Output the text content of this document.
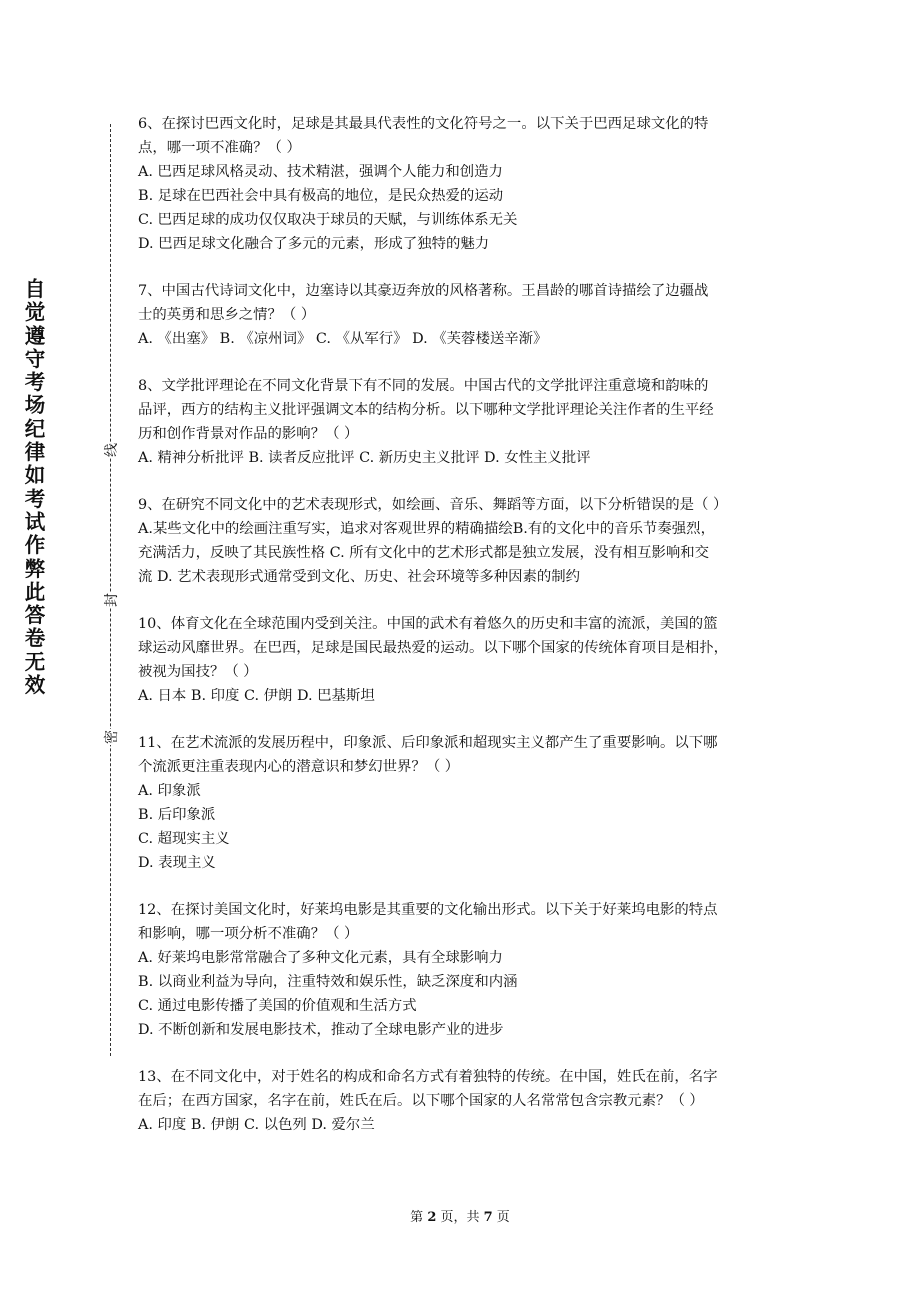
自觉遵守考场纪律如考试作弊此答卷无效
线
封
密

6、在探讨巴西文化时，足球是其最具代表性的文化符号之一。以下关于巴西足球文化的特

点，哪一项不准确？（ ）

A. 巴西足球风格灵动、技术精湛，强调个人能力和创造力

B. 足球在巴西社会中具有极高的地位，是民众热爱的运动

C. 巴西足球的成功仅仅取决于球员的天赋，与训练体系无关

D. 巴西足球文化融合了多元的元素，形成了独特的魅力

7、中国古代诗词文化中，边塞诗以其豪迈奔放的风格著称。王昌龄的哪首诗描绘了边疆战

士的英勇和思乡之情？（ ）

A. 《出塞》 B. 《凉州词》 C. 《从军行》 D. 《芙蓉楼送辛渐》

8、文学批评理论在不同文化背景下有不同的发展。中国古代的文学批评注重意境和韵味的

品评，西方的结构主义批评强调文本的结构分析。以下哪种文学批评理论关注作者的生平经

历和创作背景对作品的影响？（ ）

A. 精神分析批评 B. 读者反应批评 C. 新历史主义批评 D. 女性主义批评

9、在研究不同文化中的艺术表现形式，如绘画、音乐、舞蹈等方面，以下分析错误的是（ ）

A.某些文化中的绘画注重写实，追求对客观世界的精确描绘B.有的文化中的音乐节奏强烈，

充满活力，反映了其民族性格 C. 所有文化中的艺术形式都是独立发展，没有相互影响和交

流 D. 艺术表现形式通常受到文化、历史、社会环境等多种因素的制约

10、体育文化在全球范围内受到关注。中国的武术有着悠久的历史和丰富的流派，美国的篮

球运动风靡世界。在巴西，足球是国民最热爱的运动。以下哪个国家的传统体育项目是相扑，

被视为国技？（ ）

A. 日本 B. 印度 C. 伊朗 D. 巴基斯坦

11、在艺术流派的发展历程中，印象派、后印象派和超现实主义都产生了重要影响。以下哪

个流派更注重表现内心的潜意识和梦幻世界？（ ）

A. 印象派

B. 后印象派

C. 超现实主义

D. 表现主义

12、在探讨美国文化时，好莱坞电影是其重要的文化输出形式。以下关于好莱坞电影的特点

和影响，哪一项分析不准确？（ ）

A. 好莱坞电影常常融合了多种文化元素，具有全球影响力

B. 以商业利益为导向，注重特效和娱乐性，缺乏深度和内涵

C. 通过电影传播了美国的价值观和生活方式

D. 不断创新和发展电影技术，推动了全球电影产业的进步

13、在不同文化中，对于姓名的构成和命名方式有着独特的传统。在中国，姓氏在前，名字

在后；在西方国家，名字在前，姓氏在后。以下哪个国家的人名常常包含宗教元素？（ ）

A. 印度 B. 伊朗 C. 以色列 D. 爱尔兰

第 2 页，共 7 页
